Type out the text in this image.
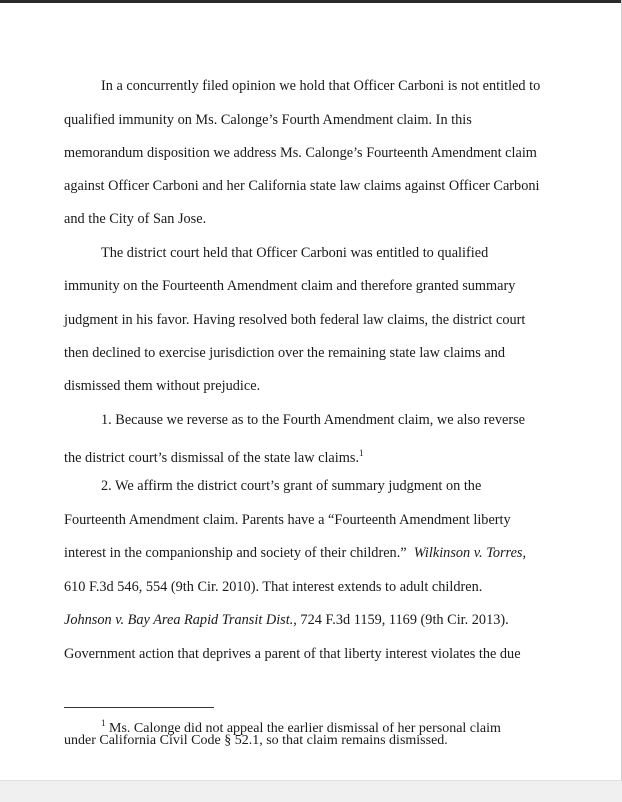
In a concurrently filed opinion we hold that Officer Carboni is not entitled to
qualified immunity on Ms. Calonge’s Fourth Amendment claim. In this
memorandum disposition we address Ms. Calonge’s Fourteenth Amendment claim
against Officer Carboni and her California state law claims against Officer Carboni
and the City of San Jose.
The district court held that Officer Carboni was entitled to qualified
immunity on the Fourteenth Amendment claim and therefore granted summary
judgment in his favor. Having resolved both federal law claims, the district court
then declined to exercise jurisdiction over the remaining state law claims and
dismissed them without prejudice.
1. Because we reverse as to the Fourth Amendment claim, we also reverse
the district court’s dismissal of the state law claims.$^1$
2. We affirm the district court’s grant of summary judgment on the
Fourteenth Amendment claim. Parents have a “Fourteenth Amendment liberty
interest in the companionship and society of their children.” Wilkinson v. Torres,
610 F.3d 546, 554 (9th Cir. 2010). That interest extends to adult children.
Johnson v. Bay Area Rapid Transit Dist., 724 F.3d 1159, 1169 (9th Cir. 2013).
Government action that deprives a parent of that liberty interest violates the due
$^1$ Ms. Calonge did not appeal the earlier dismissal of her personal claim
under California Civil Code § 52.1, so that claim remains dismissed.
